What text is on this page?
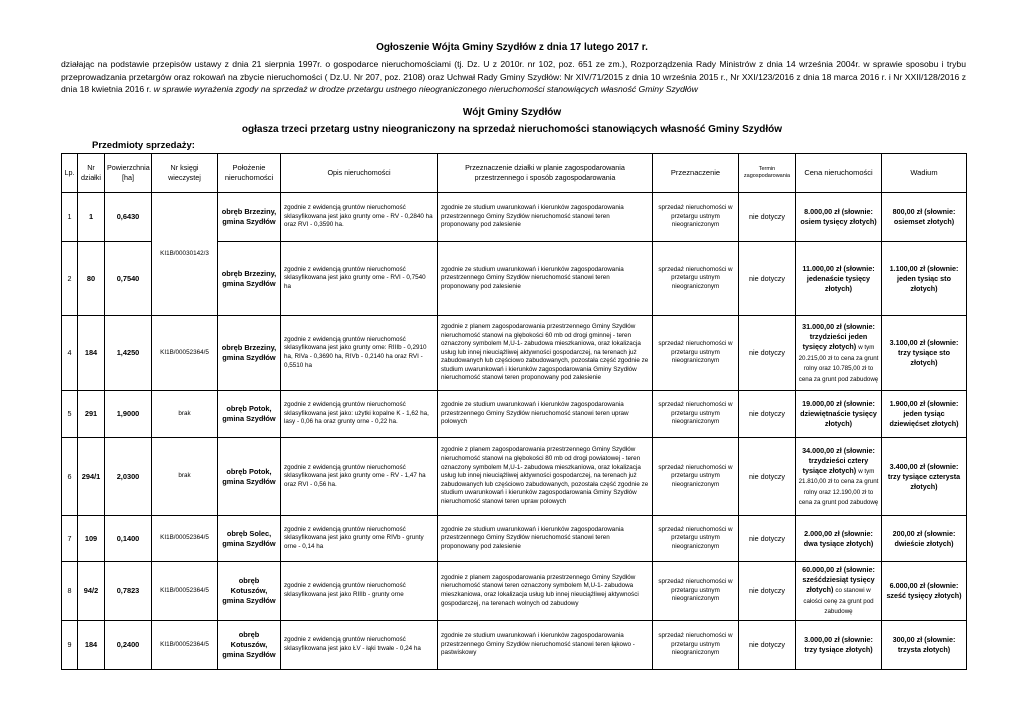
Ogłoszenie Wójta Gminy Szydłów z dnia 17 lutego 2017 r.
działając na podstawie przepisów ustawy z dnia 21 sierpnia 1997r. o gospodarce nieruchomościami (tj. Dz. U z 2010r. nr 102, poz. 651 ze zm.), Rozporządzenia Rady Ministrów z dnia 14 września 2004r. w sprawie sposobu i trybu przeprowadzania przetargów oraz rokowań na zbycie nieruchomości ( Dz.U. Nr 207, poz. 2108) oraz Uchwał Rady Gminy Szydłów: Nr XIV/71/2015 z dnia 10 września 2015 r., Nr XXI/123/2016 z dnia 18 marca 2016 r. i Nr XXII/128/2016 z dnia 18 kwietnia 2016 r. w sprawie wyrażenia zgody na sprzedaż w drodze przetargu ustnego nieograniczonego nieruchomości stanowiących własność Gminy Szydłów
Wójt Gminy Szydłów
ogłasza trzeci przetarg ustny nieograniczony na sprzedaż nieruchomości stanowiących własność Gminy Szydłów
Przedmioty sprzedaży:
Lp.	Nr działki	Powierzchnia [ha]	Nr księgi wieczystej	Położenie nieruchomości	Opis nieruchomości	Przeznaczenie działki w planie zagospodarowania przestrzennego i sposób zagospodarowania	Przeznaczenie	Termin zagospodarowania	Cena nieruchomości	Wadium
1	1	0,6430	KI1B/00030142/3	obręb Brzeziny, gmina Szydłów	zgodnie z ewidencją gruntów nieruchomość sklasyfikowana jest jako grunty orne - RV - 0,2840 ha oraz RVI - 0,3590 ha.	zgodnie ze studium uwarunkowań i kierunków zagospodarowania przestrzennego Gminy Szydłów nieruchomość stanowi teren proponowany pod zalesienie	sprzedaż nieruchomości w przetargu ustnym nieograniczonym	nie dotyczy	8.000,00 zł (słownie: osiem tysięcy złotych)	800,00 zł (słownie: osiemset złotych)
2	80	0,7540		obręb Brzeziny, gmina Szydłów	zgodnie z ewidencją gruntów nieruchomość sklasyfikowana jest jako grunty orne - RVI - 0,7540 ha	zgodnie ze studium uwarunkowań i kierunków zagospodarowania przestrzennego Gminy Szydłów nieruchomość stanowi teren proponowany pod zalesienie	sprzedaż nieruchomości w przetargu ustnym nieograniczonym	nie dotyczy	11.000,00 zł (słownie: jedenaście tysięcy złotych)	1.100,00 zł (słownie: jeden tysiąc sto złotych)
4	184	1,4250	KI1B/00052364/5	obręb Brzeziny, gmina Szydłów	zgodnie z ewidencją gruntów nieruchomość sklasyfikowana jest jako grunty orne: RIIIb - 0,2910 ha, RIVa - 0,3690 ha, RIVb - 0,2140 ha oraz RVI - 0,5510 ha	zgodnie z planem zagospodarowania przestrzennego Gminy Szydłów nieruchomość stanowi na głębokości 60 mb od drogi gminnej - teren oznaczony symbolem M,U-1- zabudowa mieszkaniowa, oraz lokalizacja usług lub innej nieuciążliwej aktywności gospodarczej, na terenach już zabudowanych lub częściowo zabudowanych, pozostała część zgodnie ze studium uwarunkowań i kierunków zagospodarowania Gminy Szydłów nieruchomość stanowi teren proponowany pod zalesienie	sprzedaż nieruchomości w przetargu ustnym nieograniczonym	nie dotyczy	31.000,00 zł (słownie: trzydzieści jeden tysięcy złotych) w tym 20.215,00 zł to cena za grunt rolny oraz 10.785,00 zł to cena za grunt pod zabudowę	3.100,00 zł (słownie: trzy tysiące sto złotych)
5	291	1,9000	brak	obręb Potok, gmina Szydłów	zgodnie z ewidencją gruntów nieruchomość sklasyfikowana jest jako: użytki kopalne K - 1,62 ha, lasy - 0,06 ha oraz grunty orne - 0,22 ha.	zgodnie ze studium uwarunkowań i kierunków zagospodarowania przestrzennego Gminy Szydłów nieruchomość stanowi teren upraw polowych	sprzedaż nieruchomości w przetargu ustnym nieograniczonym	nie dotyczy	19.000,00 zł (słownie: dziewiętnaście tysięcy złotych)	1.900,00 zł (słownie: jeden tysiąc dziewięćset złotych)
6	294/1	2,0300	brak	obręb Potok, gmina Szydłów	zgodnie z ewidencją gruntów nieruchomość sklasyfikowana jest jako grunty orne - RV - 1,47 ha oraz RVI - 0,56 ha.	zgodnie z planem zagospodarowania przestrzennego Gminy Szydłów nieruchomość stanowi na głębokości 80 mb od drogi powiatowej - teren oznaczony symbolem M,U-1- zabudowa mieszkaniowa, oraz lokalizacja usług lub innej nieuciążliwej aktywności gospodarczej, na terenach już zabudowanych lub częściowo zabudowanych, pozostała część zgodnie ze studium uwarunkowań i kierunków zagospodarowania Gminy Szydłów nieruchomość stanowi teren upraw polowych	sprzedaż nieruchomości w przetargu ustnym nieograniczonym	nie dotyczy	34.000,00 zł (słownie: trzydzieści cztery tysiące złotych) w tym 21.810,00 zł to cena za grunt rolny oraz 12.190,00 zł to cena za grunt pod zabudowę	3.400,00 zł (słownie: trzy tysiące czterysta złotych)
7	109	0,1400	KI1B/00052364/5	obręb Solec, gmina Szydłów	zgodnie z ewidencją gruntów nieruchomość sklasyfikowana jest jako grunty orne RIVb - grunty orne - 0,14 ha	zgodnie ze studium uwarunkowań i kierunków zagospodarowania przestrzennego Gminy Szydłów nieruchomość stanowi teren proponowany pod zalesienie	sprzedaż nieruchomości w przetargu ustnym nieograniczonym	nie dotyczy	2.000,00 zł (słownie: dwa tysiące złotych)	200,00 zł (słownie: dwieście złotych)
8	94/2	0,7823	KI1B/00052364/5	obręb Kotuszów, gmina Szydłów	zgodnie z ewidencją gruntów nieruchomość sklasyfikowana jest jako RIIIb - grunty orne	zgodnie z planem zagospodarowania przestrzennego Gminy Szydłów nieruchomość stanowi teren oznaczony symbolem M,U-1- zabudowa mieszkaniowa, oraz lokalizacja usług lub innej nieuciążliwej aktywności gospodarczej, na terenach wolnych od zabudowy	sprzedaż nieruchomości w przetargu ustnym nieograniczonym	nie dotyczy	60.000,00 zł (słownie: sześćdziesiąt tysięcy złotych) co stanowi w całości cenę za grunt pod zabudowę	6.000,00 zł (słownie: sześć tysięcy złotych)
9	184	0,2400	KI1B/00052364/5	obręb Kotuszów, gmina Szydłów	zgodnie z ewidencją gruntów nieruchomość sklasyfikowana jest jako ŁV - łąki trwałe - 0,24 ha	zgodnie ze studium uwarunkowań i kierunków zagospodarowania przestrzennego Gminy Szydłów nieruchomość stanowi teren łąkowo - pastwiskowy	sprzedaż nieruchomości w przetargu ustnym nieograniczonym	nie dotyczy	3.000,00 zł (słownie: trzy tysiące złotych)	300,00 zł (słownie: trzysta złotych)
